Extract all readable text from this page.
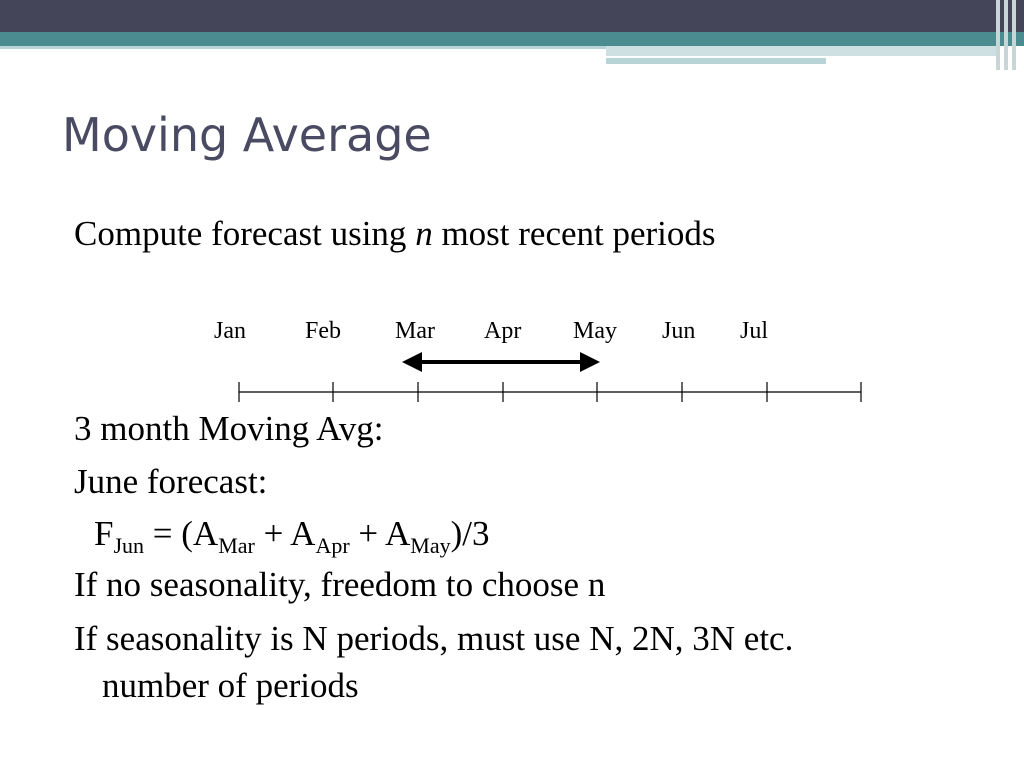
Moving Average
Compute forecast using n most recent periods
Jan Feb Mar Apr May Jun Jul
3 month Moving Avg:
June forecast:
$F_{Jun} = (A_{Mar} + A_{Apr} + A_{May})/3$
If no seasonality, freedom to choose n
If seasonality is N periods, must use N, 2N, 3N etc.
number of periods
